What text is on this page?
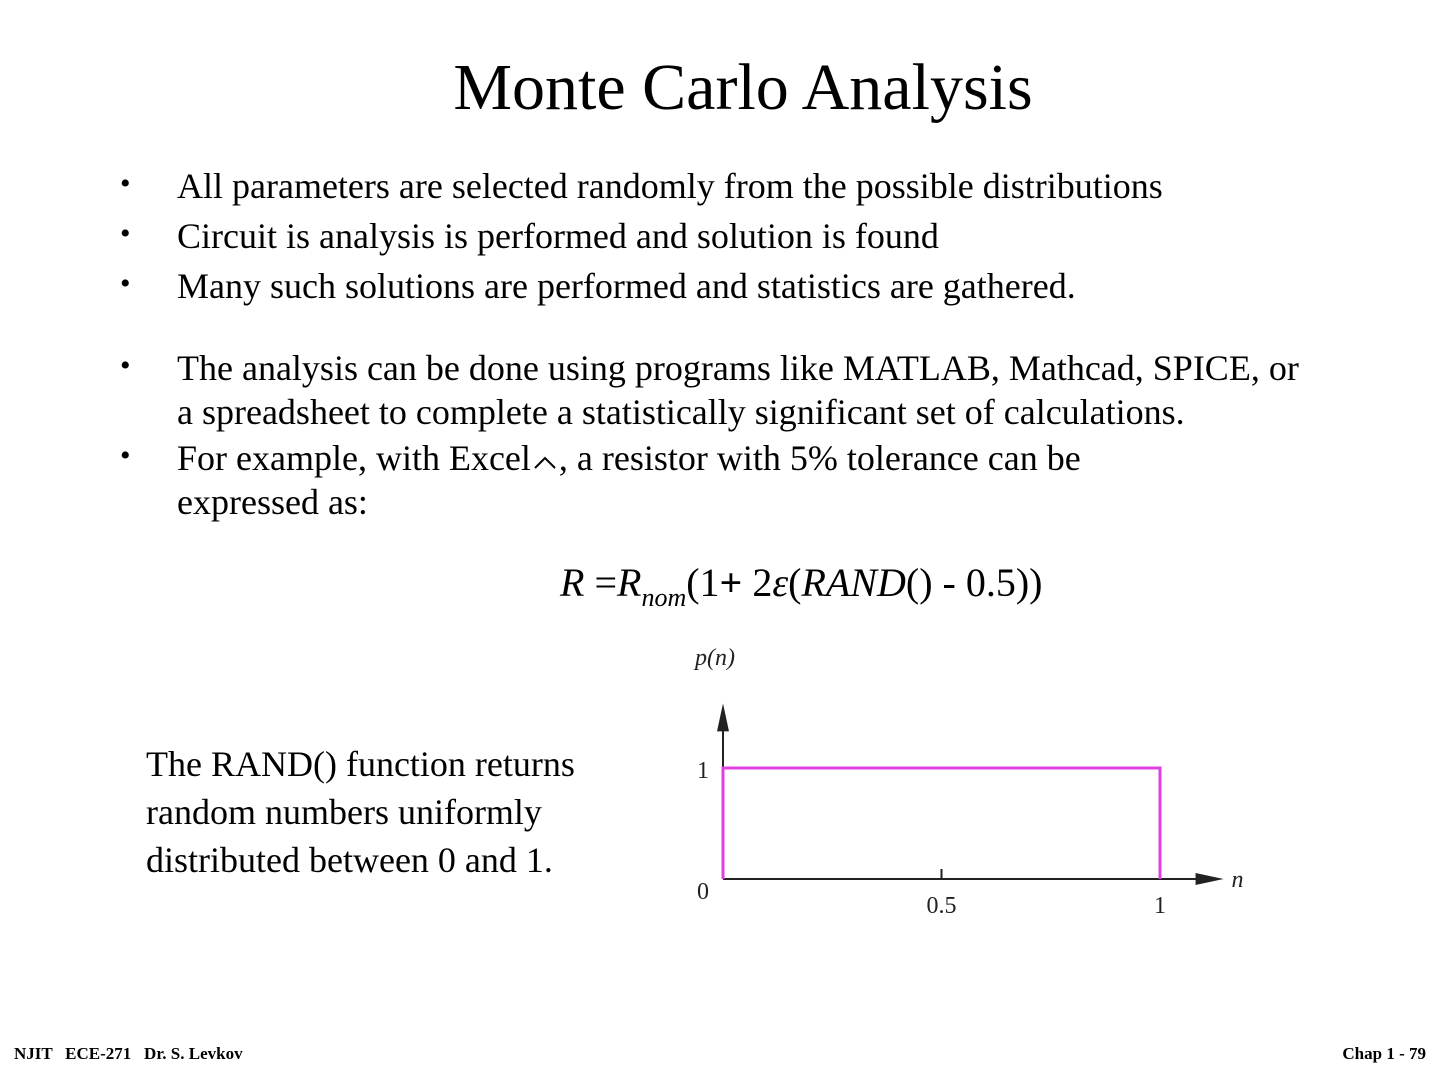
Monte Carlo Analysis
• All parameters are selected randomly from the possible distributions
• Circuit is analysis is performed and solution is found
• Many such solutions are performed and statistics are gathered.
• The analysis can be done using programs like MATLAB, Mathcad, SPICE, or a spreadsheet to complete a statistically significant set of calculations.
• For example, with Excel , a resistor with 5% tolerance can be
expressed as:
$R =R_{nom}(1+$ 2ε(RAND() - 0.5))
The RAND() function returns random numbers uniformly distributed between 0 and 1.
0.5	1
1
0
p(n)
n
NJIT   ECE-271   Dr. S. Levkov	Chap 1 - 79
